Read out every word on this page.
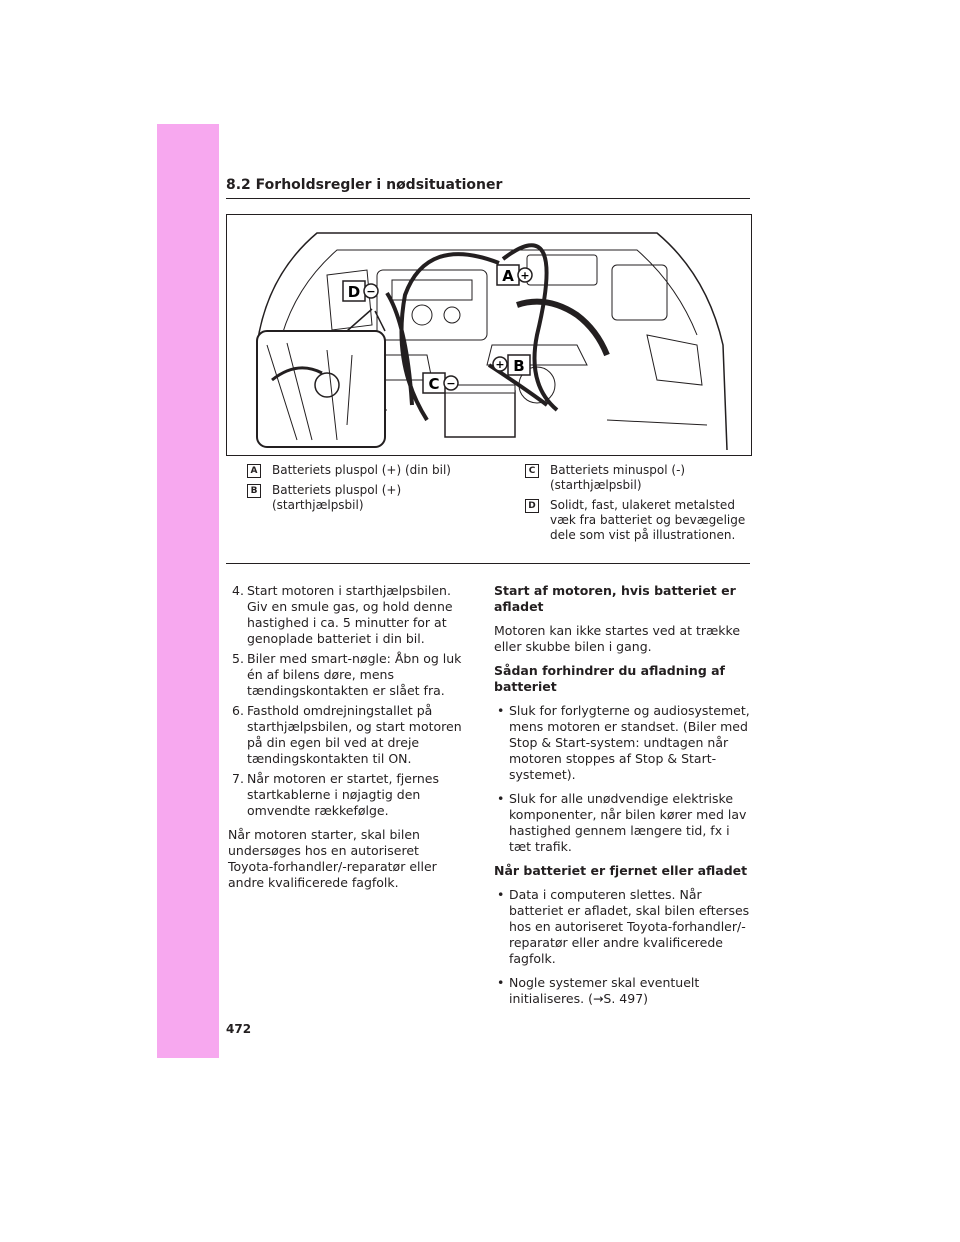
8.2 Forholdsregler i nødsituationer
D −
A +
+ B
C −
A Batteriets pluspol (+) (din bil)
B Batteriets pluspol (+) (starthjælpsbil)
C	Batteriets minuspol (-) (starthjælpsbil)
D Solidt, fast, ulakeret metalsted væk fra batteriet og bevægelige dele som vist på illustrationen.
4. Start motoren i starthjælpsbilen. Giv en smule gas, og hold denne hastighed i ca. 5 minutter for at genoplade batteriet i din bil.
5. Biler med smart-nøgle: Åbn og luk én af bilens døre, mens tændingskontakten er slået fra.
6. Fasthold omdrejningstallet på starthjælpsbilen, og start motoren på din egen bil ved at dreje tændingskontakten til ON.
7. Når motoren er startet, fjernes startkablerne i nøjagtig den omvendte rækkefølge.

Når motoren starter, skal bilen undersøges hos en autoriseret Toyota-forhandler/-reparatør eller andre kvalificerede fagfolk.

Start af motoren, hvis batteriet er afladet

Motoren kan ikke startes ved at trække eller skubbe bilen i gang.

Sådan forhindrer du afladning af batteriet

• Sluk for forlygterne og audiosystemet, mens motoren er standset. (Biler med Stop & Start-system: undtagen når motoren stoppes af Stop & Start-systemet).
• Sluk for alle unødvendige elektriske komponenter, når bilen kører med lav hastighed gennem længere tid, fx i tæt trafik.

Når batteriet er fjernet eller afladet

• Data i computeren slettes. Når batteriet er afladet, skal bilen efterses hos en autoriseret Toyota-forhandler/-reparatør eller andre kvalificerede fagfolk.
• Nogle systemer skal eventuelt initialiseres. (→S. 497)
472
